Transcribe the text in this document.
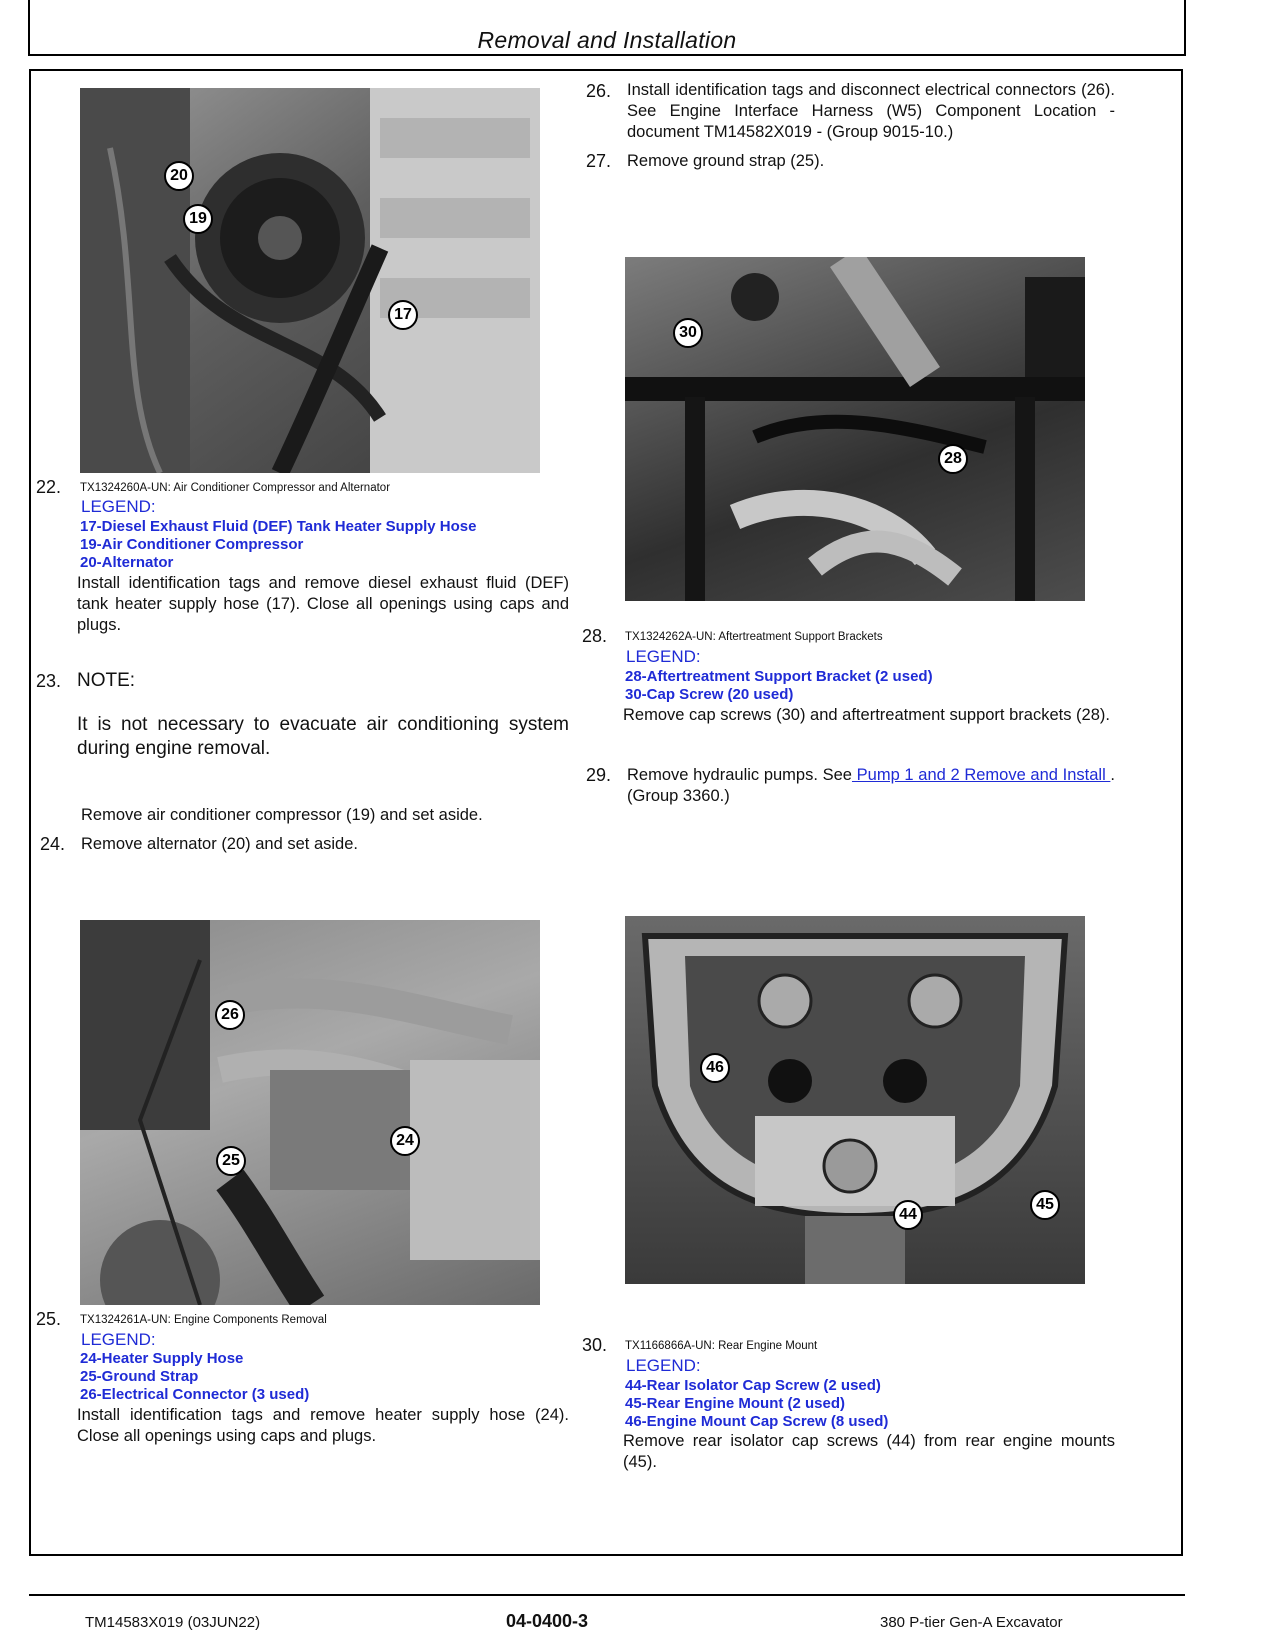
Removal and Installation
20
19
17
22. TX1324260A-UN: Air Conditioner Compressor and Alternator
LEGEND:
17-Diesel Exhaust Fluid (DEF) Tank Heater Supply Hose
19-Air Conditioner Compressor
20-Alternator
Install identification tags and remove diesel exhaust fluid (DEF) tank heater supply hose (17). Close all openings using caps and plugs.
23. NOTE:
It is not necessary to evacuate air conditioning system during engine removal.
Remove air conditioner compressor (19) and set aside.
24. Remove alternator (20) and set aside.
26
24
25
25. TX1324261A-UN: Engine Components Removal
LEGEND:
24-Heater Supply Hose
25-Ground Strap
26-Electrical Connector (3 used)
Install identification tags and remove heater supply hose (24). Close all openings using caps and plugs.
26. Install identification tags and disconnect electrical connectors (26). See Engine Interface Harness (W5) Component Location - document TM14582X019 - (Group 9015-10.)
27. Remove ground strap (25).
30
28
28. TX1324262A-UN: Aftertreatment Support Brackets
LEGEND:
28-Aftertreatment Support Bracket (2 used)
30-Cap Screw (20 used)
Remove cap screws (30) and aftertreatment support brackets (28).
29. Remove hydraulic pumps. See Pump 1 and 2 Remove and Install . (Group 3360.)
46
44
45
30. TX1166866A-UN: Rear Engine Mount
LEGEND:
44-Rear Isolator Cap Screw (2 used)
45-Rear Engine Mount (2 used)
46-Engine Mount Cap Screw (8 used)
Remove rear isolator cap screws (44) from rear engine mounts (45).
TM14583X019 (03JUN22)	04-0400-3	380 P-tier Gen-A Excavator
